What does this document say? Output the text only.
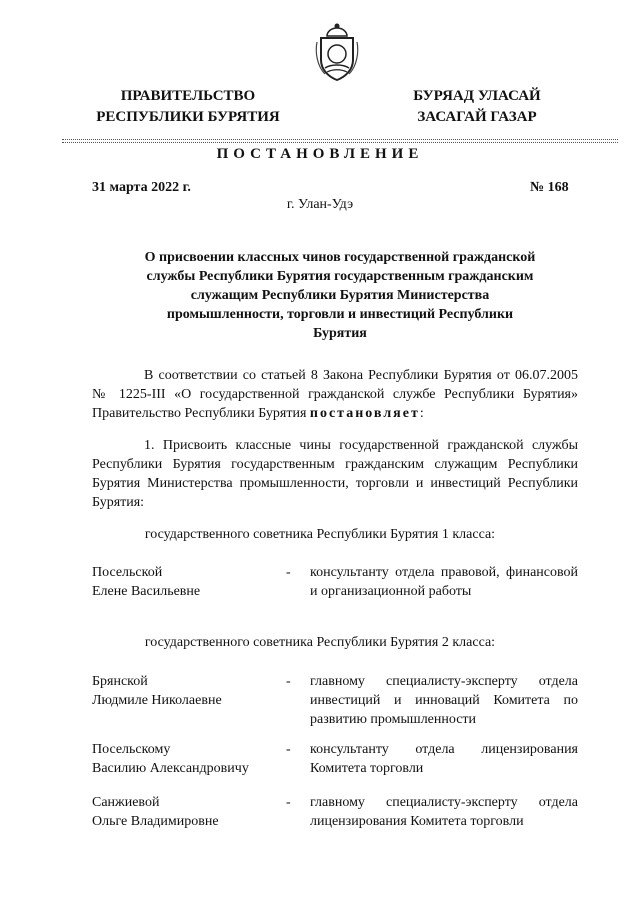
ПРАВИТЕЛЬСТВО
РЕСПУБЛИКИ БУРЯТИЯ
БУРЯАД УЛАСАЙ
ЗАСАГАЙ ГАЗАР
ПОСТАНОВЛЕНИЕ
31 марта 2022 г.	№ 168
г. Улан-Удэ
О присвоении классных чинов государственной гражданской службы Республики Бурятия государственным гражданским служащим Республики Бурятия Министерства промышленности, торговли и инвестиций Республики Бурятия

В соответствии со статьей 8 Закона Республики Бурятия от 06.07.2005 № 1225-III «О государственной гражданской службе Республики Бурятия» Правительство Республики Бурятия постановляет:

1. Присвоить классные чины государственной гражданской службы Республики Бурятия государственным гражданским служащим Республики Бурятия Министерства промышленности, торговли и инвестиций Республики Бурятия:

государственного советника Республики Бурятия 1 класса:
Посельской
Елене Васильевне
- консультанту отдела правовой, финансовой и организационной работы
государственного советника Республики Бурятия 2 класса:
Брянской
Людмиле Николаевне
- главному специалисту-эксперту отдела инвестиций и инноваций Комитета по развитию промышленности
Посельскому
Василию Александровичу
- консультанту отдела лицензирования Комитета торговли
Санжиевой
Ольге Владимировне
- главному специалисту-эксперту отдела лицензирования Комитета торговли
